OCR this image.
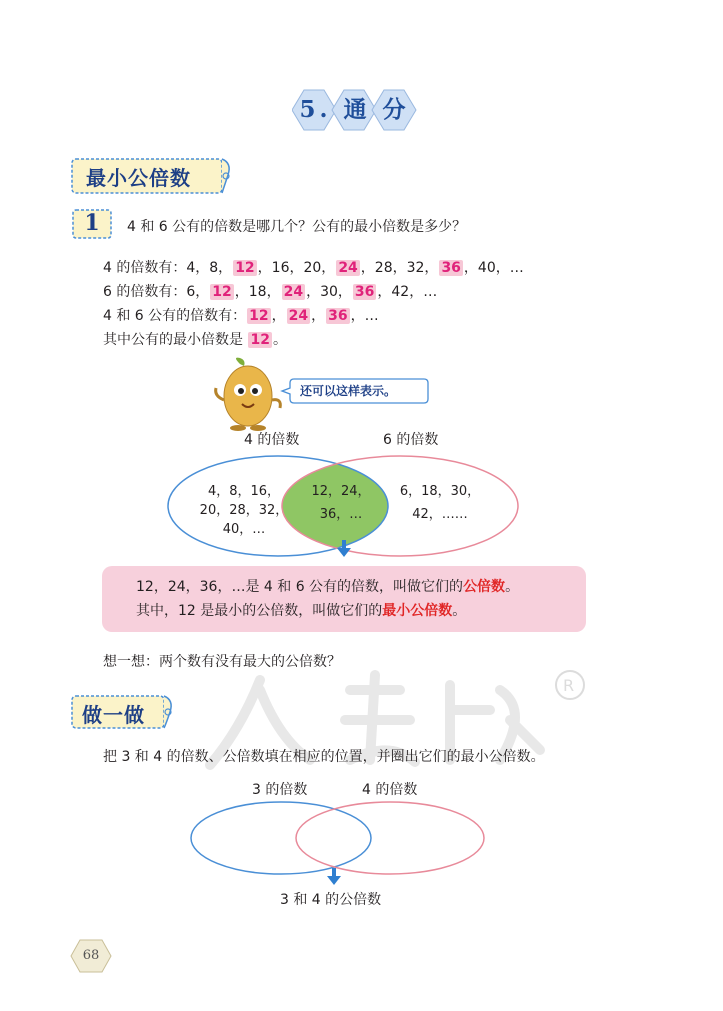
5. 通 分
最小公倍数
1	4 和 6 公有的倍数是哪几个？公有的最小倍数是多少？
4 的倍数有：4，8， 12 ，16，20， 24 ，28，32， 36 ，40，…
6 的倍数有：6， 12 ，18， 24 ，30， 36 ，42，…
4 和 6 公有的倍数有： 12 ， 24 ， 36 ，…
其中公有的最小倍数是 12 。
还可以这样表示。
4 的倍数	6 的倍数
4，8，16，
20，28，32，
40，…
12，24，
36，…
6，18，30，
42，……
12，24，36，…是 4 和 6 公有的倍数，叫做它们的公倍数。
其中，12 是最小的公倍数，叫做它们的最小公倍数。
想一想：两个数有没有最大的公倍数？
R
做一做
把 3 和 4 的倍数、公倍数填在相应的位置，并圈出它们的最小公倍数。
3 的倍数	4 的倍数
3 和 4 的公倍数
68
